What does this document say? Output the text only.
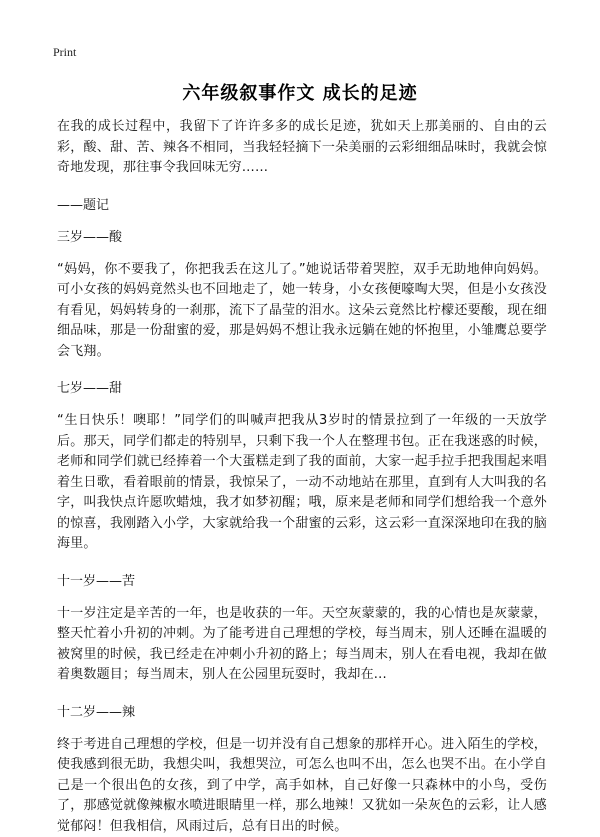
Print
六年级叙事作文 成长的足迹

在我的成长过程中，我留下了许许多多的成长足迹，犹如天上那美丽的、自由的云彩，酸、甜、苦、辣各不相同，当我轻轻摘下一朵美丽的云彩细细品味时，我就会惊奇地发现，那往事令我回味无穷……

——题记

三岁——酸

“妈妈，你不要我了，你把我丢在这儿了。”她说话带着哭腔，双手无助地伸向妈妈。可小女孩的妈妈竟然头也不回地走了，她一转身，小女孩便嚎啕大哭，但是小女孩没有看见，妈妈转身的一刹那，流下了晶莹的泪水。这朵云竟然比柠檬还要酸，现在细细品味，那是一份甜蜜的爱，那是妈妈不想让我永远躺在她的怀抱里，小雏鹰总要学会飞翔。

七岁——甜

“生日快乐！噢耶！”同学们的叫喊声把我从3岁时的情景拉到了一年级的一天放学后。那天，同学们都走的特别早，只剩下我一个人在整理书包。正在我迷惑的时候，老师和同学们就已经捧着一个大蛋糕走到了我的面前，大家一起手拉手把我围起来唱着生日歌，看着眼前的情景，我惊呆了，一动不动地站在那里，直到有人大叫我的名字，叫我快点许愿吹蜡烛，我才如梦初醒；哦，原来是老师和同学们想给我一个意外的惊喜，我刚踏入小学，大家就给我一个甜蜜的云彩，这云彩一直深深地印在我的脑海里。

十一岁——苦

十一岁注定是辛苦的一年，也是收获的一年。天空灰蒙蒙的，我的心情也是灰蒙蒙，整天忙着小升初的冲刺。为了能考进自己理想的学校，每当周末，别人还睡在温暖的被窝里的时候，我已经走在冲刺小升初的路上；每当周末，别人在看电视，我却在做着奥数题目；每当周末，别人在公园里玩耍时，我却在...

十二岁——辣

终于考进自己理想的学校，但是一切并没有自己想象的那样开心。进入陌生的学校，使我感到很无助，我想尖叫，我想哭泣，可怎么也叫不出，怎么也哭不出。在小学自己是一个很出色的女孩，到了中学，高手如林，自己好像一只森林中的小鸟，受伤了，那感觉就像辣椒水喷进眼睛里一样，那么地辣！又犹如一朵灰色的云彩，让人感觉郁闷！但我相信，风雨过后，总有日出的时候。
